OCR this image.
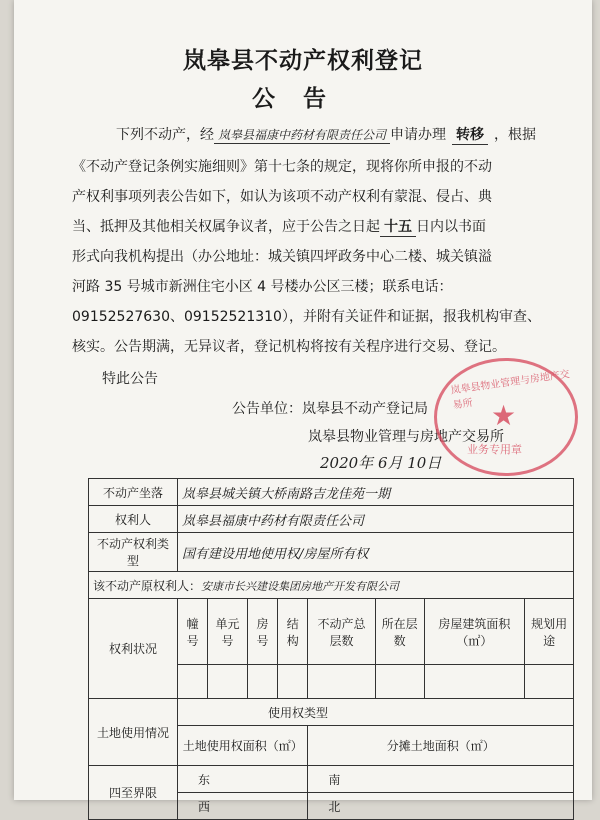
岚皋县不动产权利登记
公告
下列不动产，经 岚皋县福康中药材有限责任公司 申请办理 转移 ，根据
《不动产登记条例实施细则》第十七条的规定，现将你所申报的不动
产权利事项列表公告如下，如认为该项不动产权利有蒙混、侵占、典
当、抵押及其他相关权属争议者，应于公告之日起 十五 日内以书面
形式向我机构提出（办公地址：城关镇四坪政务中心二楼、城关镇溢
河路 35 号城市新洲住宅小区 4 号楼办公区三楼；联系电话：
09152527630、09152521310），并附有关证件和证据，报我机构审查、
核实。公告期满，无异议者，登记机构将按有关程序进行交易、登记。
特此公告
公告单位：岚皋县不动产登记局
岚皋县物业管理与房地产交易所
2020年 6月 10日
岚皋县物业管理与房地产交易所 ★
业务专用章
不动产坐落	岚皋县城关镇大桥南路吉龙佳苑一期							
权利人	岚皋县福康中药材有限责任公司							
不动产权利类型	国有建设用地使用权/房屋所有权							
该不动产原权利人：安康市长兴建设集团房地产开发有限公司								
权利状况	幢号	单元号	房号	结构	不动产总层数	所在层数	房屋建筑面积（㎡）	规划用途

土地使用情况	使用权类型							
	土地使用权面积（㎡）				分摊土地面积（㎡）			
四至界限	东				南			
	西				北			
